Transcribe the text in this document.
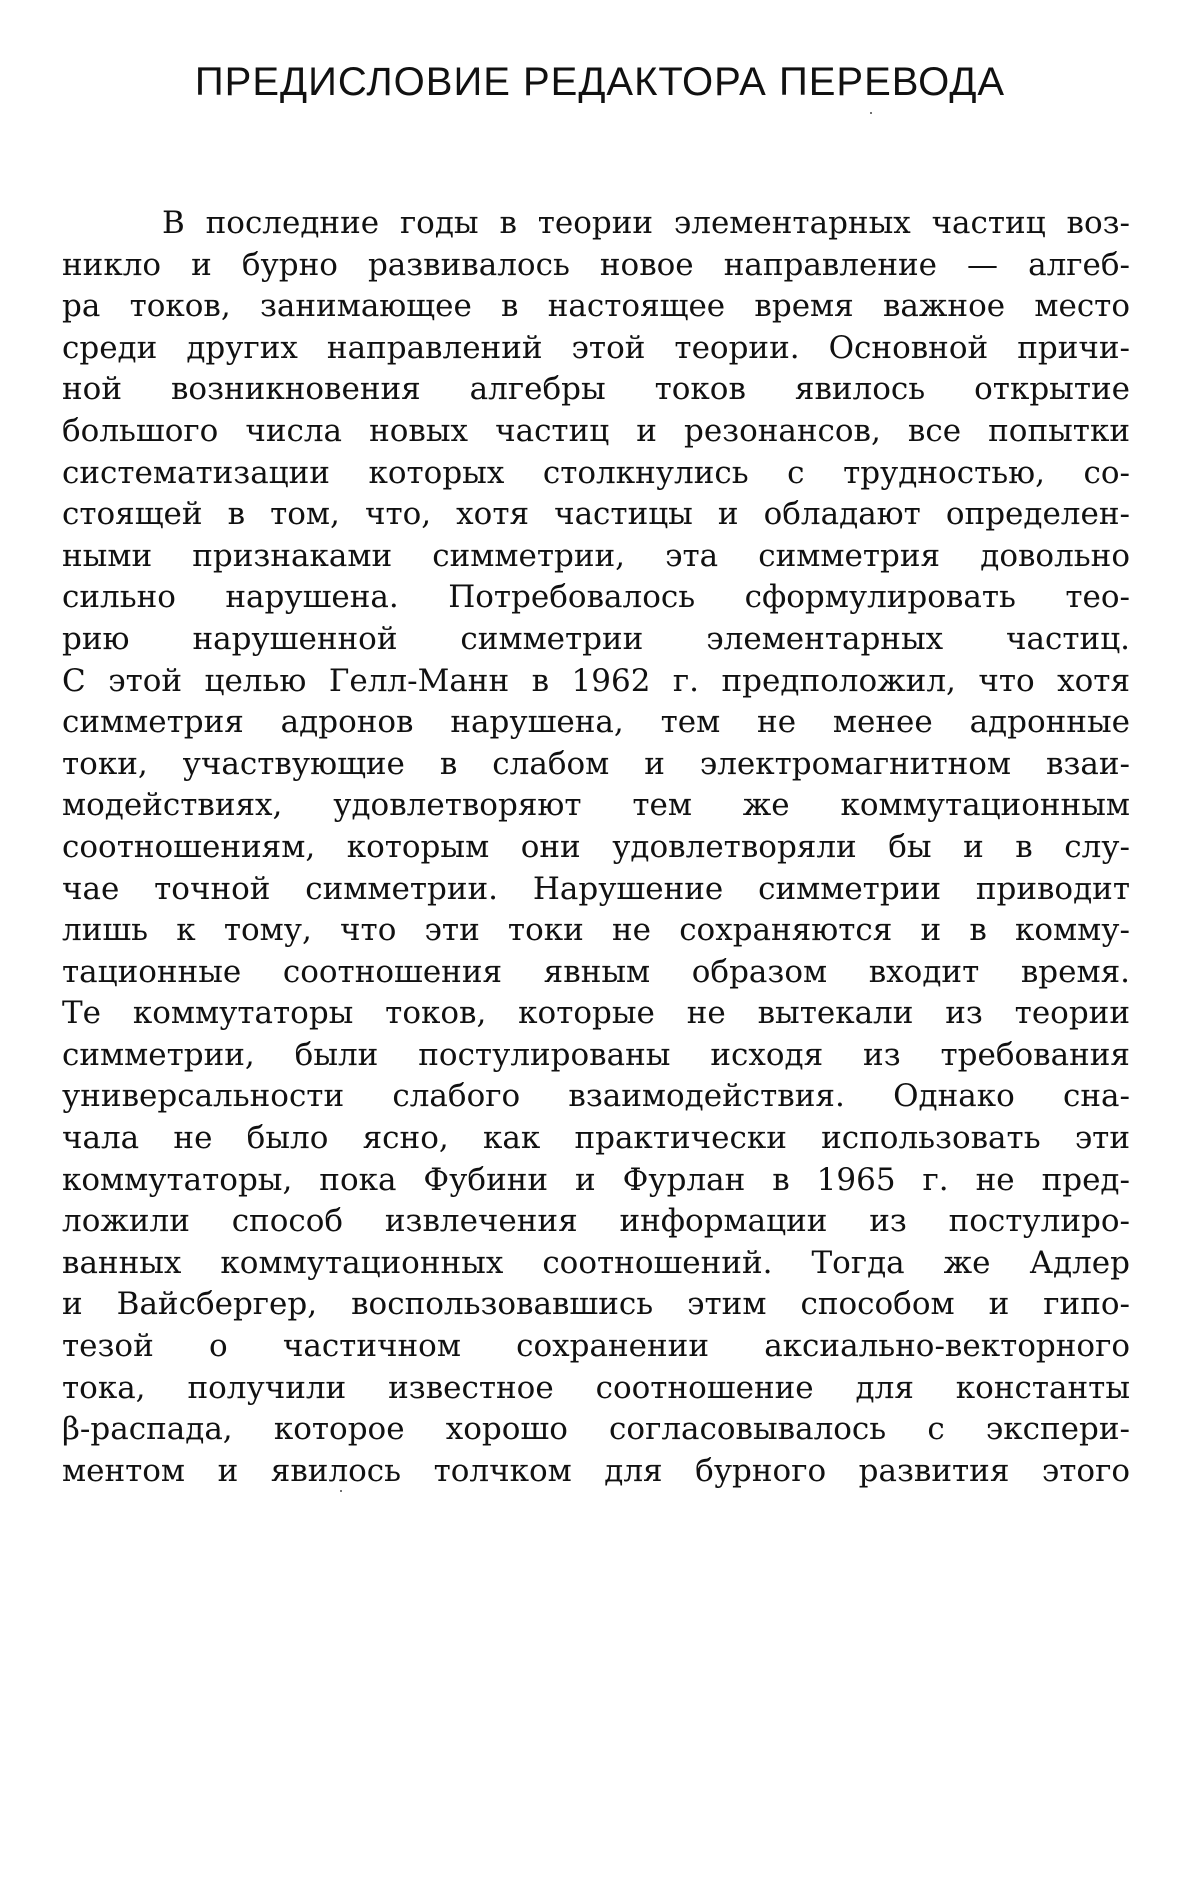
ПРЕДИСЛОВИЕ РЕДАКТОРА ПЕРЕВОДА
В последние годы в теории элементарных частиц воз-
никло и бурно развивалось новое направление — алгеб-
ра токов, занимающее в настоящее время важное место
среди других направлений этой теории. Основной причи-
ной возникновения алгебры токов явилось открытие
большого числа новых частиц и резонансов, все попытки
систематизации которых столкнулись с трудностью, со-
стоящей в том, что, хотя частицы и обладают определен-
ными признаками симметрии, эта симметрия довольно
сильно нарушена. Потребовалось сформулировать тео-
рию нарушенной симметрии элементарных частиц.
С этой целью Гелл-Манн в 1962 г. предположил, что хотя
симметрия адронов нарушена, тем не менее адронные
токи, участвующие в слабом и электромагнитном взаи-
модействиях, удовлетворяют тем же коммутационным
соотношениям, которым они удовлетворяли бы и в слу-
чае точной симметрии. Нарушение симметрии приводит
лишь к тому, что эти токи не сохраняются и в комму-
тационные соотношения явным образом входит время.
Те коммутаторы токов, которые не вытекали из теории
симметрии, были постулированы исходя из требования
универсальности слабого взаимодействия. Однако сна-
чала не было ясно, как практически использовать эти
коммутаторы, пока Фубини и Фурлан в 1965 г. не пред-
ложили способ извлечения информации из постулиро-
ванных коммутационных соотношений. Тогда же Адлер
и Вайсбергер, воспользовавшись этим способом и гипо-
тезой о частичном сохранении аксиально-векторного
тока, получили известное соотношение для константы
β-распада, которое хорошо согласовывалось с экспери-
ментом и явилось толчком для бурного развития этого
